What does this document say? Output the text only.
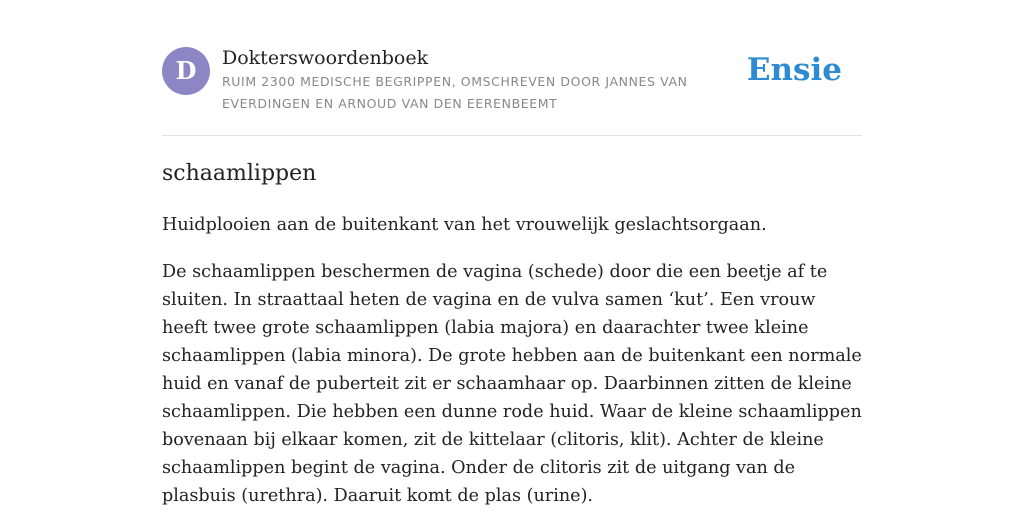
D	Dokterswoordenboek
RUIM 2300 MEDISCHE BEGRIPPEN, OMSCHREVEN DOOR JANNES VAN EVERDINGEN EN ARNOUD VAN DEN EERENBEEMT
Ensie
schaamlippen

Huidplooien aan de buitenkant van het vrouwelijk geslachtsorgaan.

De schaamlippen beschermen de vagina (schede) door die een beetje af te sluiten. In straattaal heten de vagina en de vulva samen ‘kut’. Een vrouw heeft twee grote schaamlippen (labia majora) en daarachter twee kleine schaamlippen (labia minora). De grote hebben aan de buitenkant een normale huid en vanaf de puberteit zit er schaamhaar op. Daarbinnen zitten de kleine schaamlippen. Die hebben een dunne rode huid. Waar de kleine schaamlippen bovenaan bij elkaar komen, zit de kittelaar (clitoris, klit). Achter de kleine schaamlippen begint de vagina. Onder de clitoris zit de uitgang van de plasbuis (urethra). Daaruit komt de plas (urine).
